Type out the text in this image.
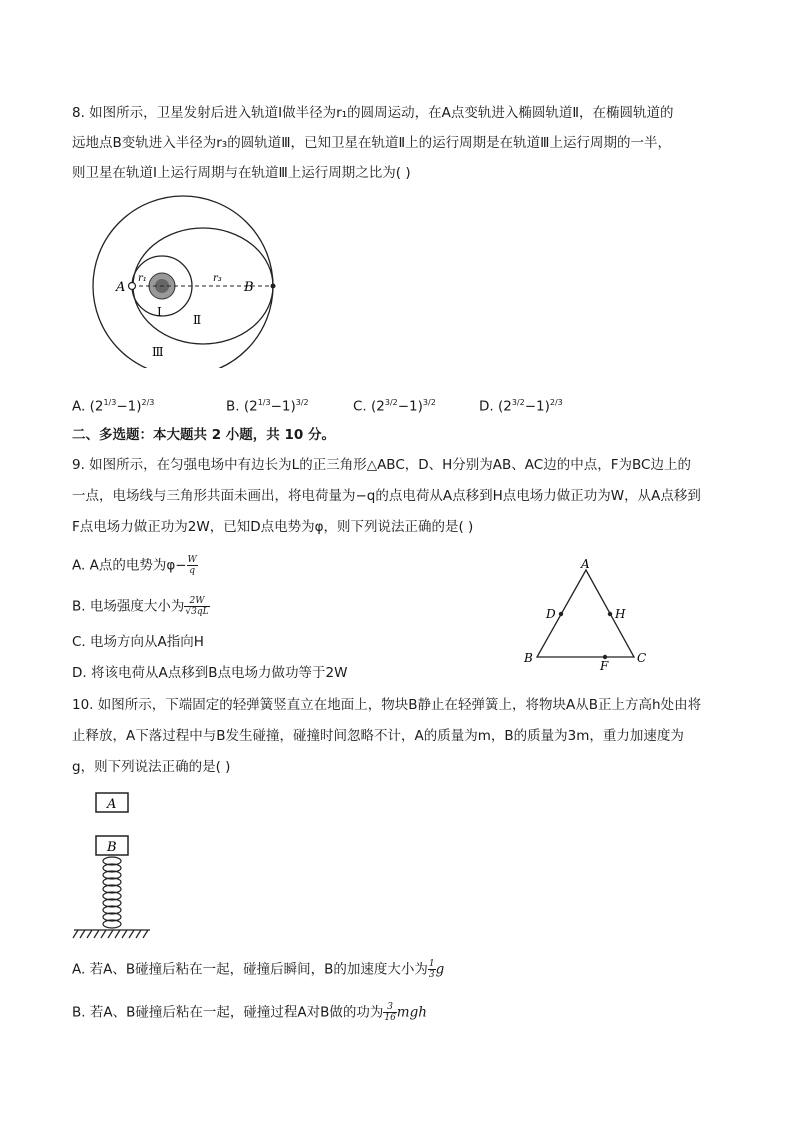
8. 如图所示，卫星发射后进入轨道Ⅰ做半径为r₁的圆周运动，在A点变轨进入椭圆轨道Ⅱ，在椭圆轨道的
远地点B变轨进入半径为r₃的圆轨道Ⅲ，已知卫星在轨道Ⅱ上的运行周期是在轨道Ⅲ上运行周期的一半，
则卫星在轨道Ⅰ上运行周期与在轨道Ⅲ上运行周期之比为( )
A	B
r₁	r₃
Ⅰ
Ⅱ
Ⅲ
A. $(2^{1/3}-1)^{2/3}$	B. $(2^{1/3}-1)^{3/2}$	C. $(2^{3/2}-1)^{3/2}$	D. $(2^{3/2}-1)^{2/3}$
二、多选题：本大题共 2 小题，共 10 分。
9. 如图所示，在匀强电场中有边长为L的正三角形△ABC，D、H分别为AB、AC边的中点，F为BC边上的
一点，电场线与三角形共面未画出，将电荷量为−q的点电荷从A点移到H点电场力做正功为W，从A点移到
F点电场力做正功为2W，已知D点电势为φ，则下列说法正确的是( )
A. A点的电势为$\varphi- \frac{W}{q}$
B. 电场强度大小为 $\frac{2W}{√3qL}$
C. 电场方向从A指向H
D. 将该电荷从A点移到B点电场力做功等于2W
A
B	C
D	H
F
10. 如图所示，下端固定的轻弹簧竖直立在地面上，物块B静止在轻弹簧上，将物块A从B正上方高h处由将
止释放，A下落过程中与B发生碰撞，碰撞时间忽略不计，A的质量为m，B的质量为3m，重力加速度为
g，则下列说法正确的是( )
A
B
A. 若A、B碰撞后粘在一起，碰撞后瞬间，B的加速度大小为 $\frac{1}{3}$ g
B. 若A、B碰撞后粘在一起，碰撞过程A对B做的功为 $\frac{3}{16}$ mgh
